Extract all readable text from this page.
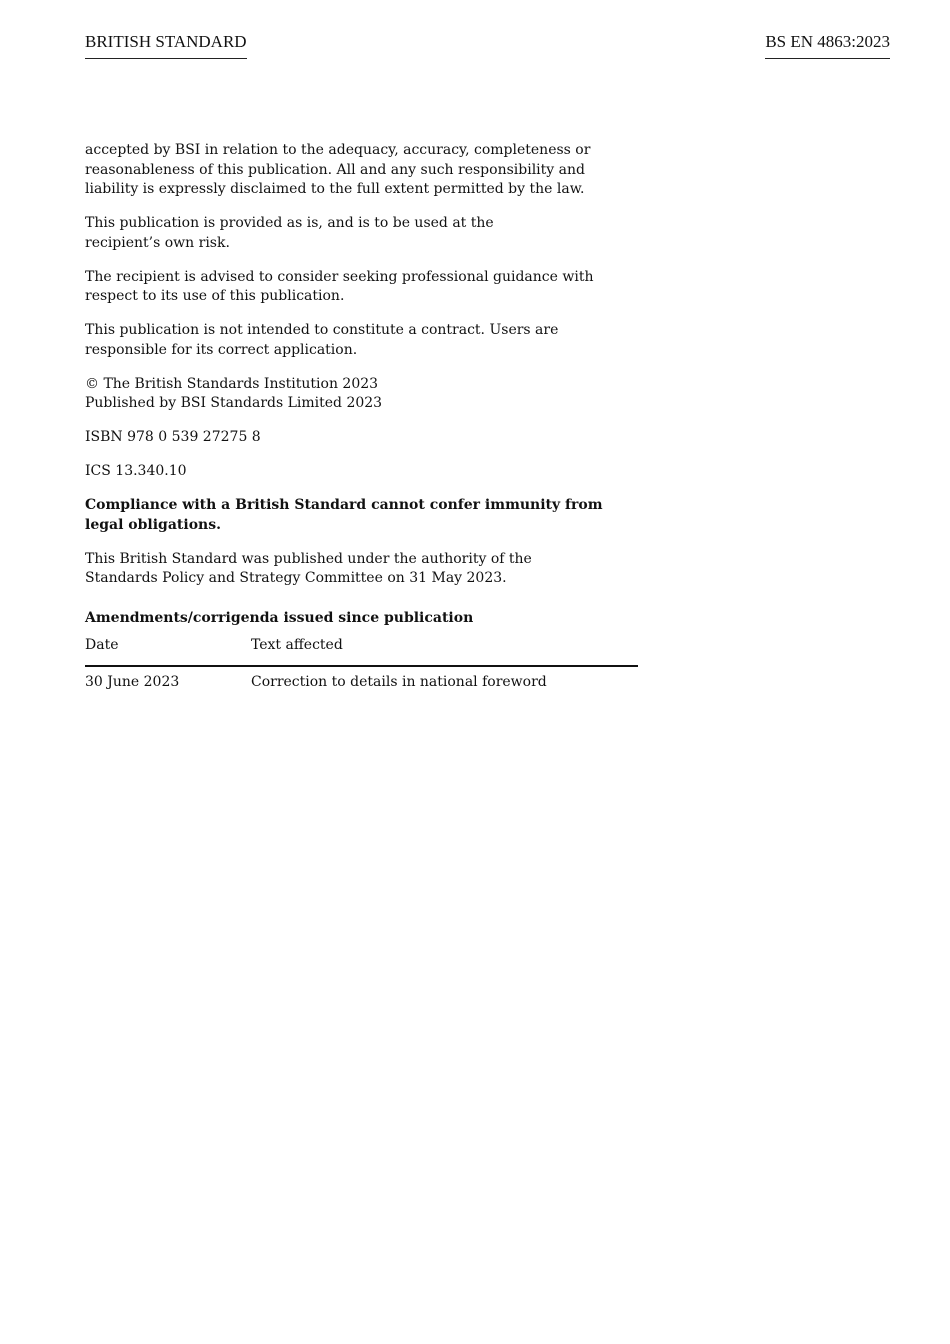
BRITISH STANDARD	BS EN 4863:2023

accepted by BSI in relation to the adequacy, accuracy, completeness or
reasonableness of this publication. All and any such responsibility and
liability is expressly disclaimed to the full extent permitted by the law.

This publication is provided as is, and is to be used at the
recipient’s own risk.

The recipient is advised to consider seeking professional guidance with
respect to its use of this publication.

This publication is not intended to constitute a contract. Users are
responsible for its correct application.

© The British Standards Institution 2023
Published by BSI Standards Limited 2023

ISBN 978 0 539 27275 8

ICS 13.340.10

Compliance with a British Standard cannot confer immunity from
legal obligations.

This British Standard was published under the authority of the
Standards Policy and Strategy Committee on 31 May 2023.

Amendments/corrigenda issued since publication
Date	Text affected
30 June 2023	Correction to details in national foreword
